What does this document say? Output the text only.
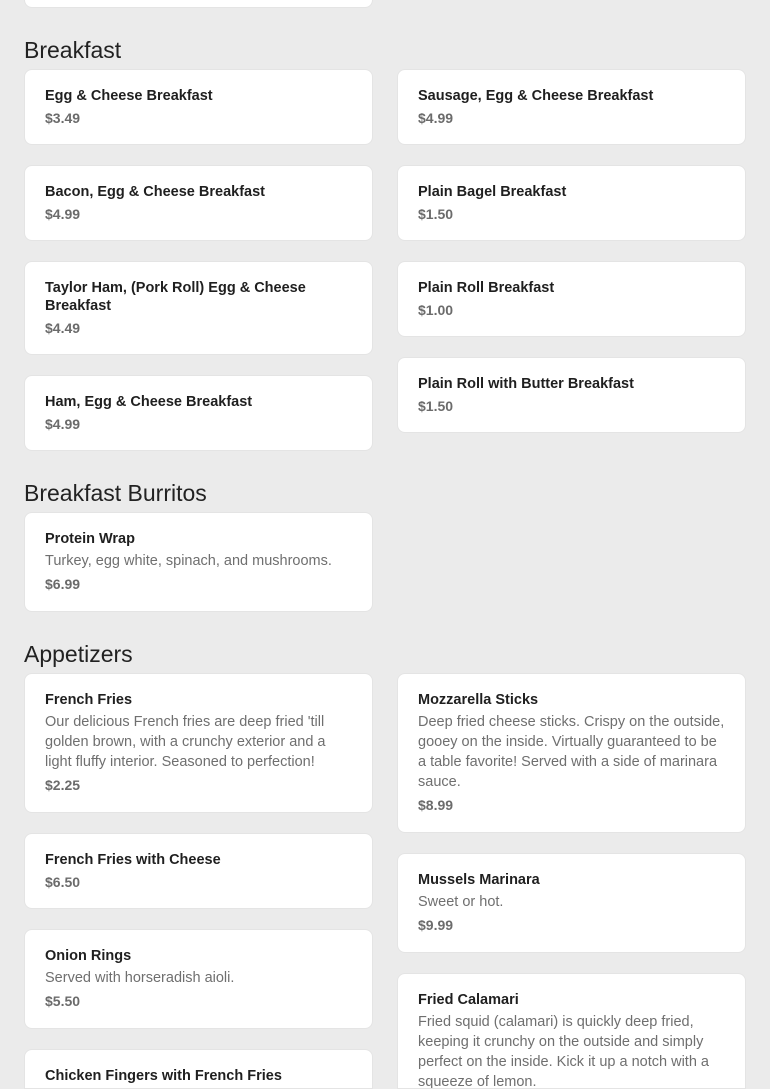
Breakfast
Egg & Cheese Breakfast
$3.49
Sausage, Egg & Cheese Breakfast
$4.99
Bacon, Egg & Cheese Breakfast
$4.99
Plain Bagel Breakfast
$1.50
Taylor Ham, (Pork Roll) Egg & Cheese Breakfast
$4.49
Plain Roll Breakfast
$1.00
Ham, Egg & Cheese Breakfast
$4.99
Plain Roll with Butter Breakfast
$1.50
Breakfast Burritos
Protein Wrap
Turkey, egg white, spinach, and mushrooms.
$6.99
Appetizers
French Fries
Our delicious French fries are deep fried 'till golden brown, with a crunchy exterior and a light fluffy interior. Seasoned to perfection!
$2.25
Mozzarella Sticks
Deep fried cheese sticks. Crispy on the outside, gooey on the inside. Virtually guaranteed to be a table favorite! Served with a side of marinara sauce.
$8.99
French Fries with Cheese
$6.50	Mussels Marinara
Sweet or hot.
$9.99
Onion Rings
Served with horseradish aioli.
$5.50	Fried Calamari
Fried squid (calamari) is quickly deep fried, keeping it crunchy on the outside and simply perfect on the inside. Kick it up a notch with a squeeze of lemon.
Chicken Fingers with French Fries
